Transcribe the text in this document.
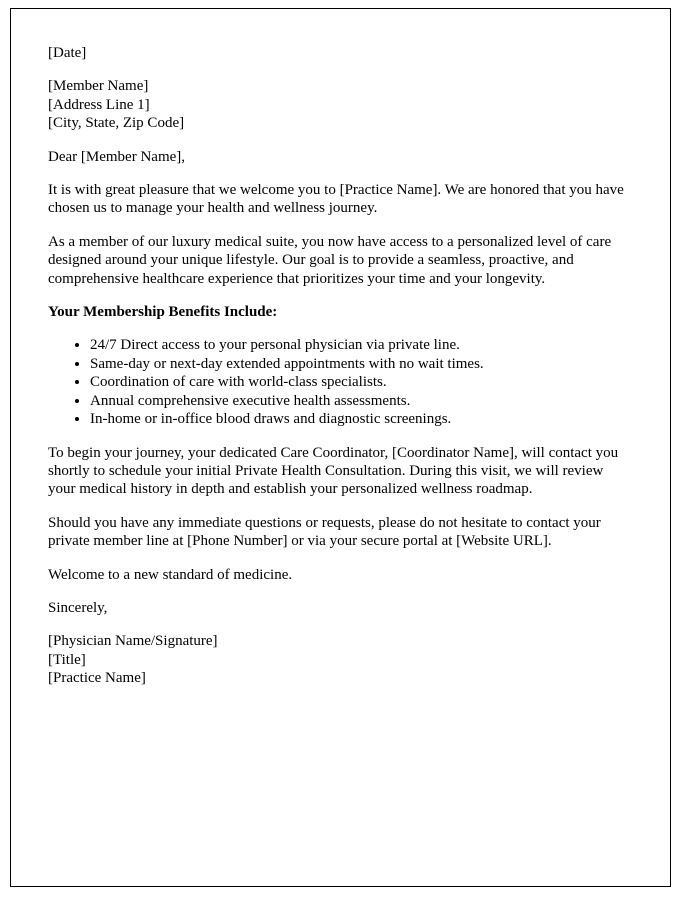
[Date]

[Member Name]
[Address Line 1]
[City, State, Zip Code]

Dear [Member Name],

It is with great pleasure that we welcome you to [Practice Name]. We are honored that you have chosen us to manage your health and wellness journey.

As a member of our luxury medical suite, you now have access to a personalized level of care designed around your unique lifestyle. Our goal is to provide a seamless, proactive, and comprehensive healthcare experience that prioritizes your time and your longevity.

Your Membership Benefits Include:

• 24/7 Direct access to your personal physician via private line.
• Same-day or next-day extended appointments with no wait times.
• Coordination of care with world-class specialists.
• Annual comprehensive executive health assessments.
• In-home or in-office blood draws and diagnostic screenings.

To begin your journey, your dedicated Care Coordinator, [Coordinator Name], will contact you shortly to schedule your initial Private Health Consultation. During this visit, we will review your medical history in depth and establish your personalized wellness roadmap.

Should you have any immediate questions or requests, please do not hesitate to contact your private member line at [Phone Number] or via your secure portal at [Website URL].

Welcome to a new standard of medicine.

Sincerely,

[Physician Name/Signature]
[Title]
[Practice Name]
